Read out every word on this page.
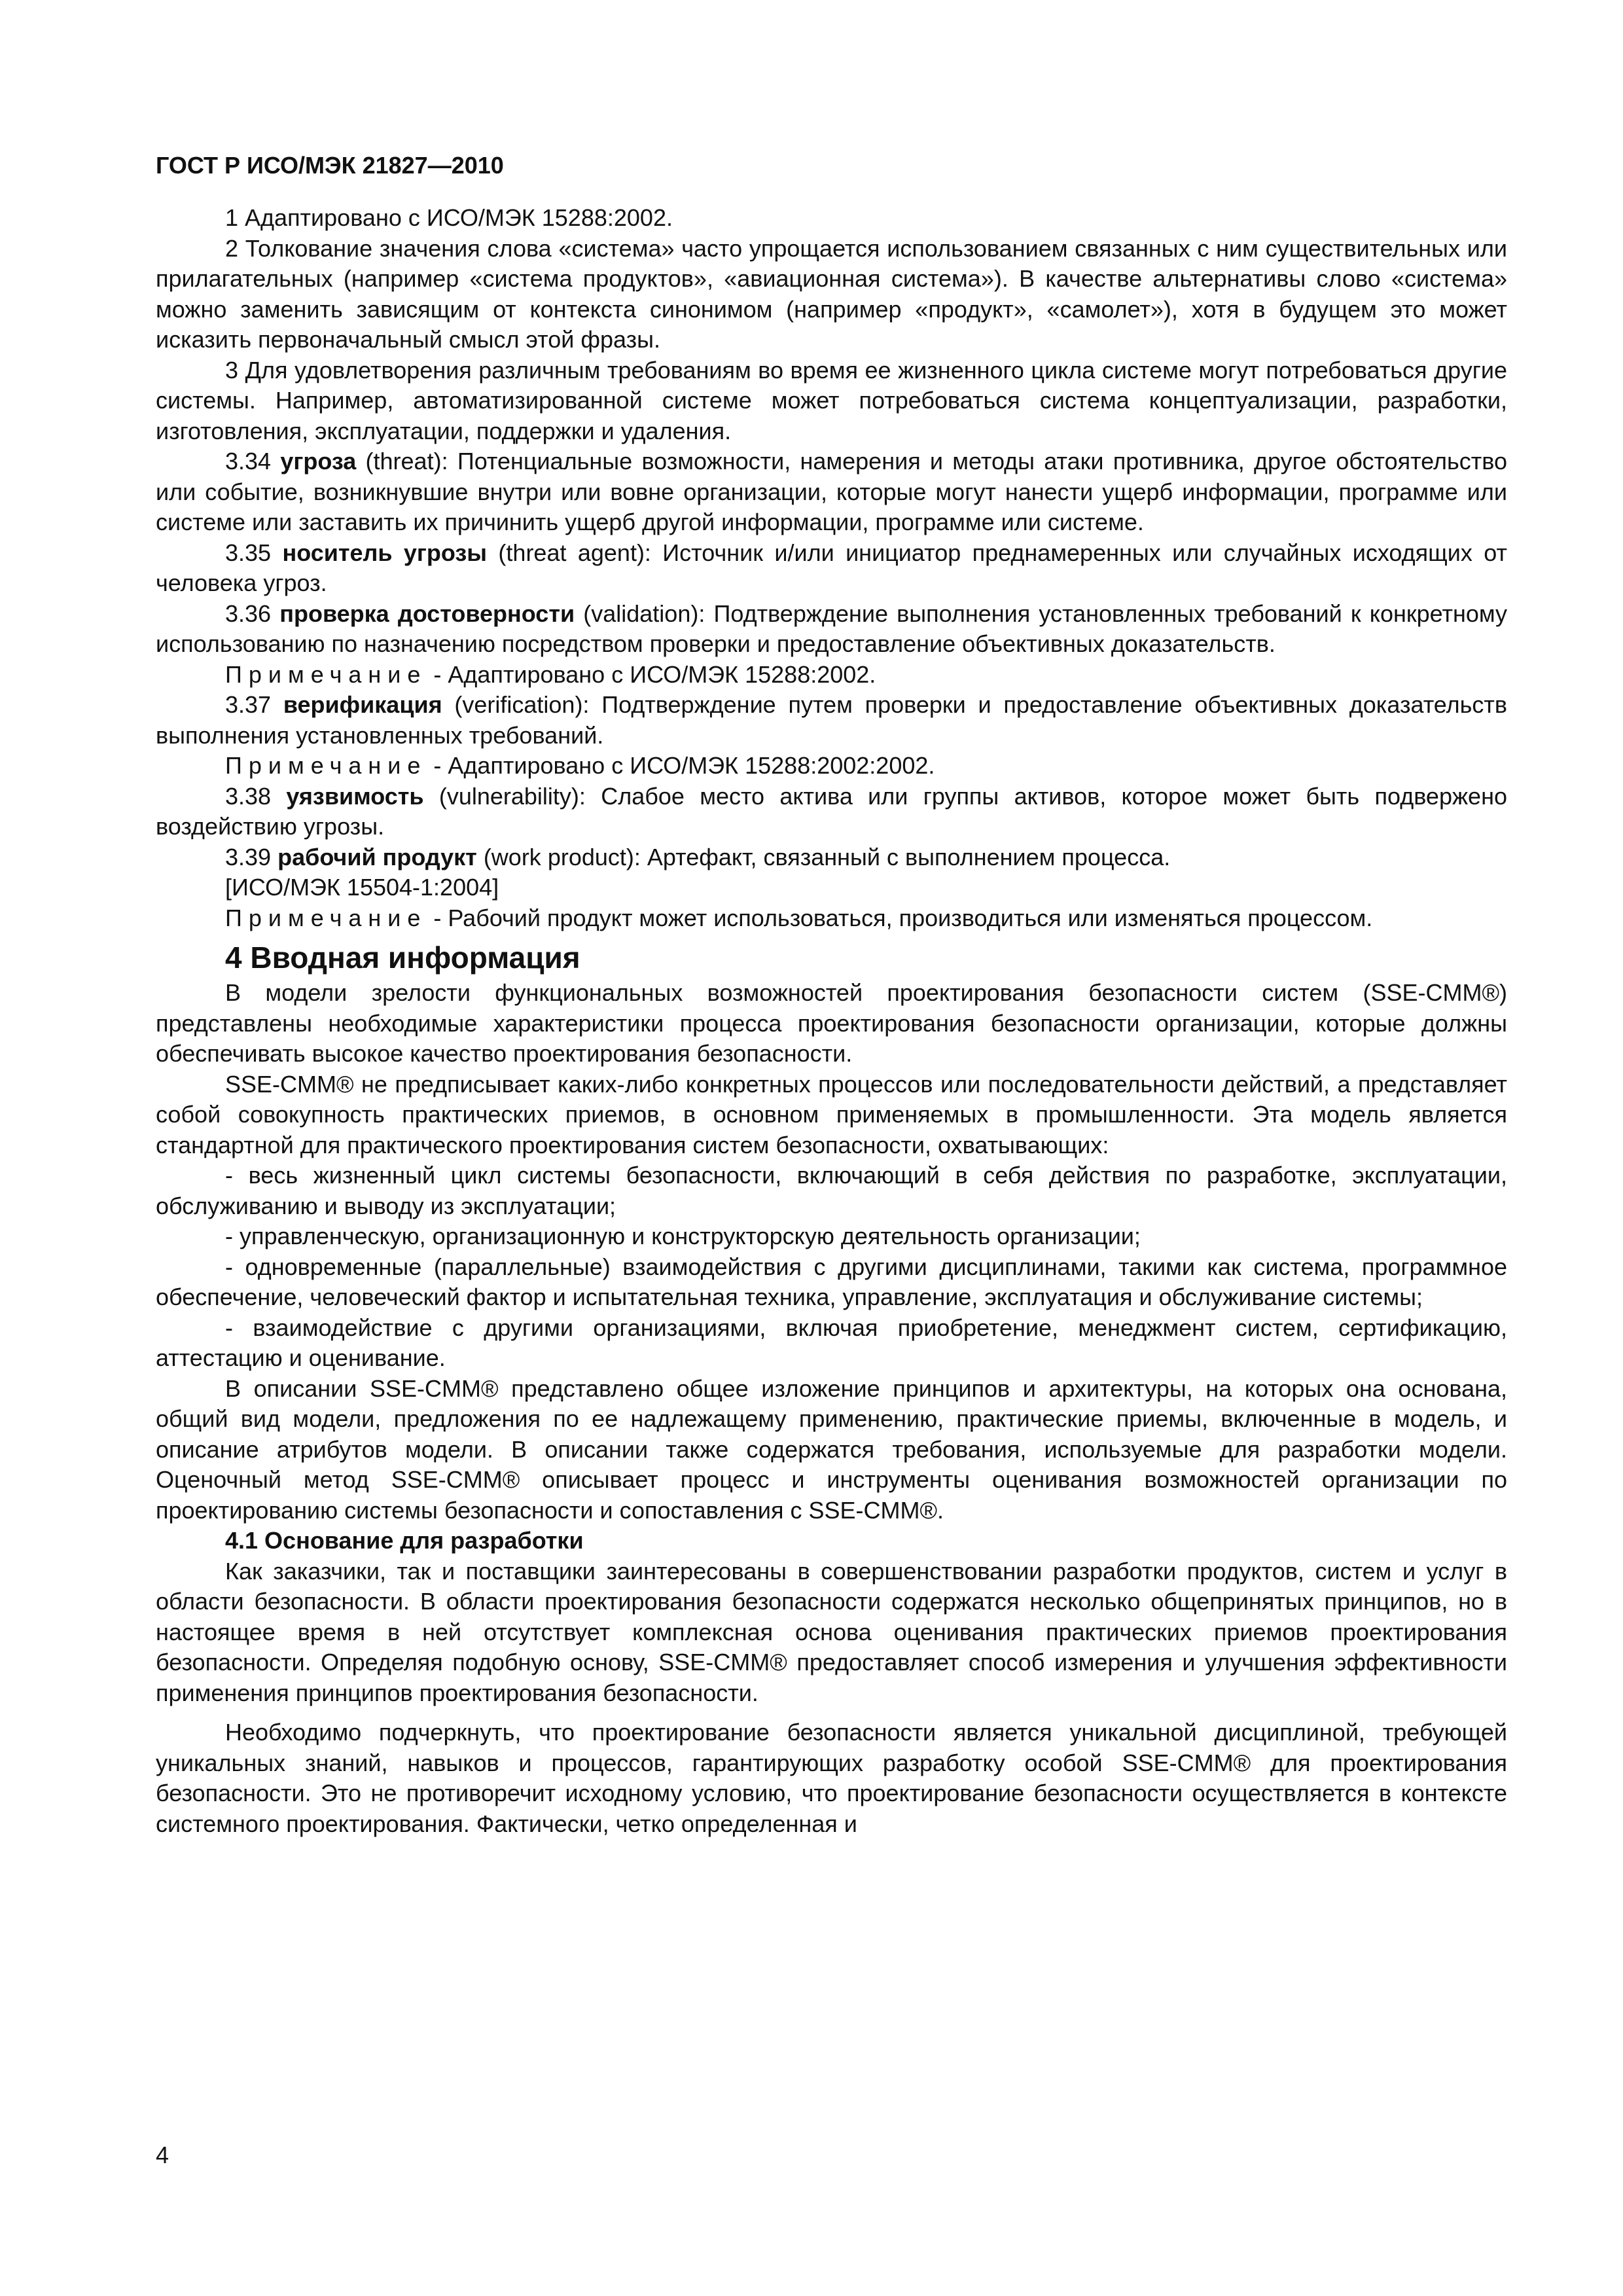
ГОСТ Р ИСО/МЭК 21827—2010

1 Адаптировано с ИСО/МЭК 15288:2002.

2 Толкование значения слова «система» часто упрощается использованием связанных с ним существительных или прилагательных (например «система продуктов», «авиационная система»). В качестве альтернативы слово «система» можно заменить зависящим от контекста синонимом (например «продукт», «самолет»), хотя в будущем это может исказить первоначальный смысл этой фразы.

3 Для удовлетворения различным требованиям во время ее жизненного цикла системе могут потребоваться другие системы. Например, автоматизированной системе может потребоваться система концептуализации, разработки, изготовления, эксплуатации, поддержки и удаления.

3.34 угроза (threat): Потенциальные возможности, намерения и методы атаки противника, другое обстоятельство или событие, возникнувшие внутри или вовне организации, которые могут нанести ущерб информации, программе или системе или заставить их причинить ущерб другой информации, программе или системе.

3.35 носитель угрозы (threat agent): Источник и/или инициатор преднамеренных или случайных исходящих от человека угроз.

3.36 проверка достоверности (validation): Подтверждение выполнения установленных требований к конкретному использованию по назначению посредством проверки и предоставление объективных доказательств.

Примечание - Адаптировано с ИСО/МЭК 15288:2002.

3.37 верификация (verification): Подтверждение путем проверки и предоставление объективных доказательств выполнения установленных требований.

Примечание - Адаптировано с ИСО/МЭК 15288:2002:2002.

3.38 уязвимость (vulnerability): Слабое место актива или группы активов, которое может быть подвержено воздействию угрозы.

3.39 рабочий продукт (work product): Артефакт, связанный с выполнением процесса.

[ИСО/МЭК 15504-1:2004]

Примечание - Рабочий продукт может использоваться, производиться или изменяться процессом.

4 Вводная информация

В модели зрелости функциональных возможностей проектирования безопасности систем (SSE-CMM®) представлены необходимые характеристики процесса проектирования безопасности организации, которые должны обеспечивать высокое качество проектирования безопасности.

SSE-CMM® не предписывает каких-либо конкретных процессов или последовательности действий, а представляет собой совокупность практических приемов, в основном применяемых в промышленности. Эта модель является стандартной для практического проектирования систем безопасности, охватывающих:

- весь жизненный цикл системы безопасности, включающий в себя действия по разработке, эксплуатации, обслуживанию и выводу из эксплуатации;

- управленческую, организационную и конструкторскую деятельность организации;

- одновременные (параллельные) взаимодействия с другими дисциплинами, такими как система, программное обеспечение, человеческий фактор и испытательная техника, управление, эксплуатация и обслуживание системы;

- взаимодействие с другими организациями, включая приобретение, менеджмент систем, сертификацию, аттестацию и оценивание.

В описании SSE-CMM® представлено общее изложение принципов и архитектуры, на которых она основана, общий вид модели, предложения по ее надлежащему применению, практические приемы, включенные в модель, и описание атрибутов модели. В описании также содержатся требования, используемые для разработки модели. Оценочный метод SSE-CMM® описывает процесс и инструменты оценивания возможностей организации по проектированию системы безопасности и сопоставления с SSE-CMM®.

4.1 Основание для разработки

Как заказчики, так и поставщики заинтересованы в совершенствовании разработки продуктов, систем и услуг в области безопасности. В области проектирования безопасности содержатся несколько общепринятых принципов, но в настоящее время в ней отсутствует комплексная основа оценивания практических приемов проектирования безопасности. Определяя подобную основу, SSE-CMM® предоставляет способ измерения и улучшения эффективности применения принципов проектирования безопасности.

Необходимо подчеркнуть, что проектирование безопасности является уникальной дисциплиной, требующей уникальных знаний, навыков и процессов, гарантирующих разработку особой SSE-CMM® для проектирования безопасности. Это не противоречит исходному условию, что проектирование безопасности осуществляется в контексте системного проектирования. Фактически, четко определенная и

4
